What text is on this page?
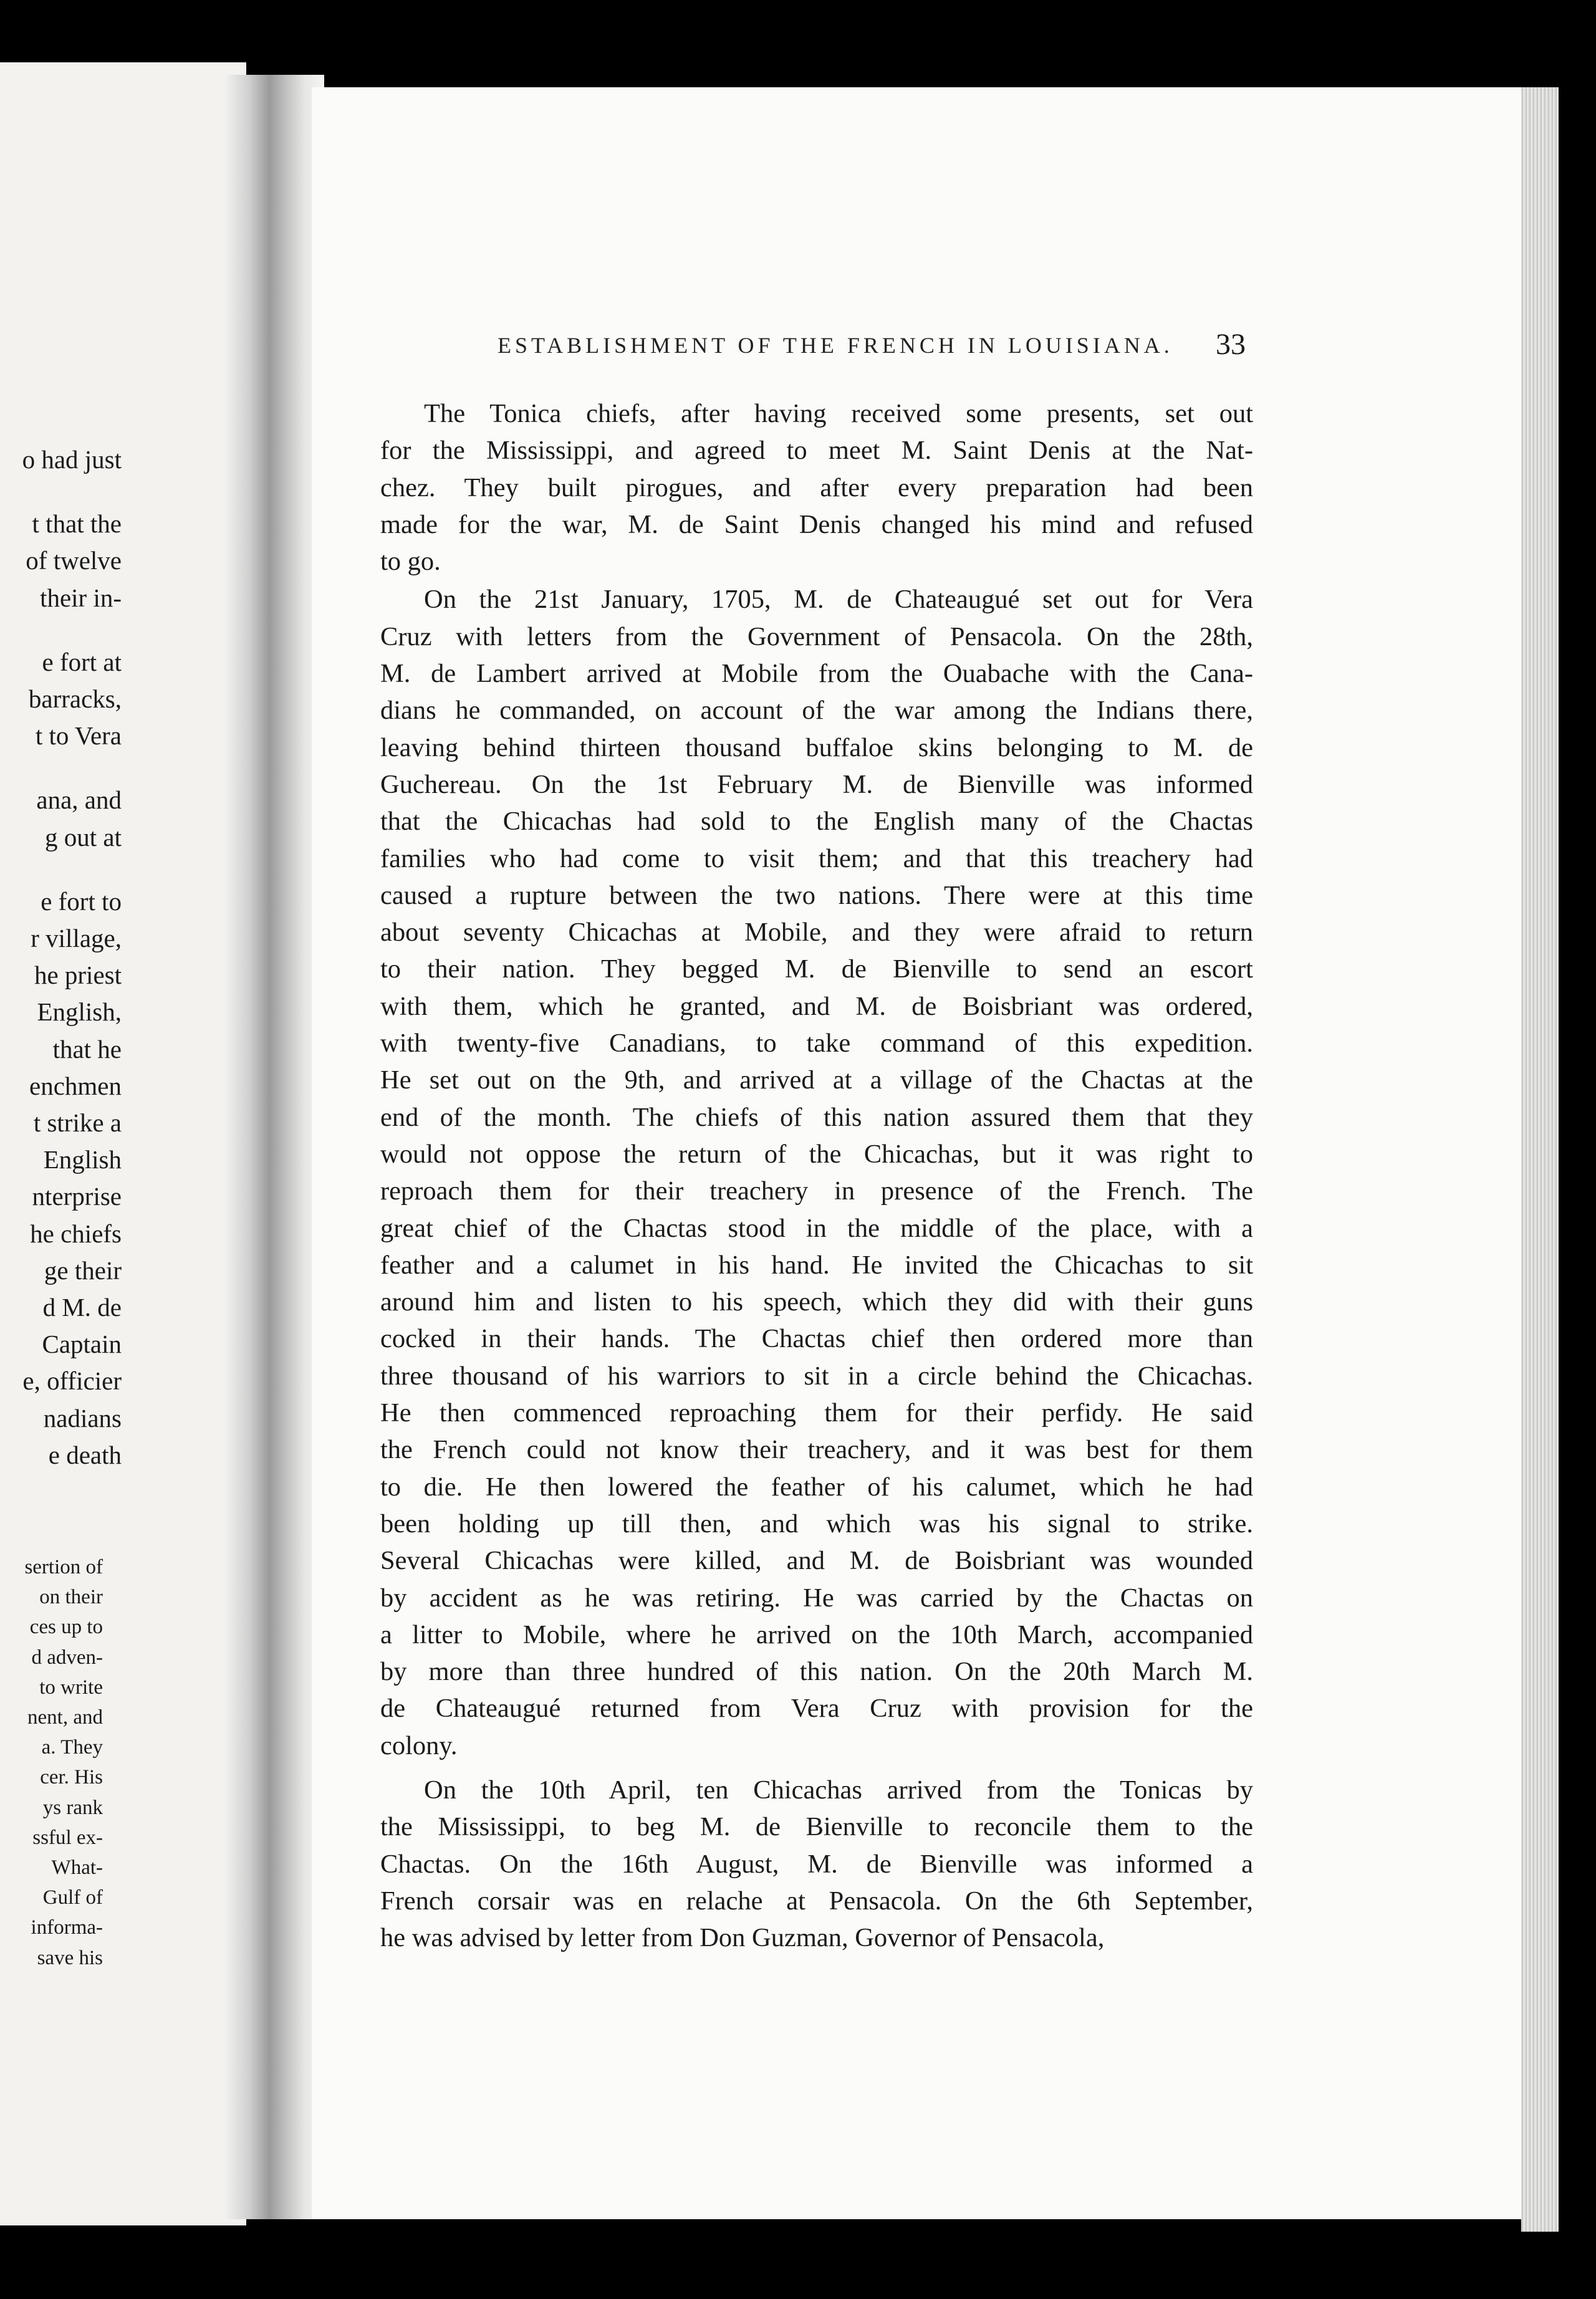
o had just

t that the
of twelve
their in-

e fort at
barracks,
t to Vera

ana, and
g out at

e fort to
r village,
he priest
English,
that he
enchmen
t strike a
English
nterprise
he chiefs
ge their
d M. de
Captain
e, officier
nadians
e death
sertion of
on their
ces up to
d adven-
to write
nent, and
a. They
cer. His
ys rank
ssful ex-
What-
Gulf of
informa-
save his
ESTABLISHMENT OF THE FRENCH IN LOUISIANA.	33
The Tonica chiefs, after having received some presents, set out
for the Mississippi, and agreed to meet M. Saint Denis at the Nat-
chez. They built pirogues, and after every preparation had been
made for the war, M. de Saint Denis changed his mind and refused
to go.
On the 21st January, 1705, M. de Chateaugué set out for Vera
Cruz with letters from the Government of Pensacola. On the 28th,
M. de Lambert arrived at Mobile from the Ouabache with the Cana-
dians he commanded, on account of the war among the Indians there,
leaving behind thirteen thousand buffaloe skins belonging to M. de
Guchereau. On the 1st February M. de Bienville was informed
that the Chicachas had sold to the English many of the Chactas
families who had come to visit them; and that this treachery had
caused a rupture between the two nations. There were at this time
about seventy Chicachas at Mobile, and they were afraid to return
to their nation. They begged M. de Bienville to send an escort
with them, which he granted, and M. de Boisbriant was ordered,
with twenty-five Canadians, to take command of this expedition.
He set out on the 9th, and arrived at a village of the Chactas at the
end of the month. The chiefs of this nation assured them that they
would not oppose the return of the Chicachas, but it was right to
reproach them for their treachery in presence of the French. The
great chief of the Chactas stood in the middle of the place, with a
feather and a calumet in his hand. He invited the Chicachas to sit
around him and listen to his speech, which they did with their guns
cocked in their hands. The Chactas chief then ordered more than
three thousand of his warriors to sit in a circle behind the Chicachas.
He then commenced reproaching them for their perfidy. He said
the French could not know their treachery, and it was best for them
to die. He then lowered the feather of his calumet, which he had
been holding up till then, and which was his signal to strike.
Several Chicachas were killed, and M. de Boisbriant was wounded
by accident as he was retiring. He was carried by the Chactas on
a litter to Mobile, where he arrived on the 10th March, accompanied
by more than three hundred of this nation. On the 20th March M.
de Chateaugué returned from Vera Cruz with provision for the
colony.
On the 10th April, ten Chicachas arrived from the Tonicas by
the Mississippi, to beg M. de Bienville to reconcile them to the
Chactas. On the 16th August, M. de Bienville was informed a
French corsair was en relache at Pensacola. On the 6th September,
he was advised by letter from Don Guzman, Governor of Pensacola,
